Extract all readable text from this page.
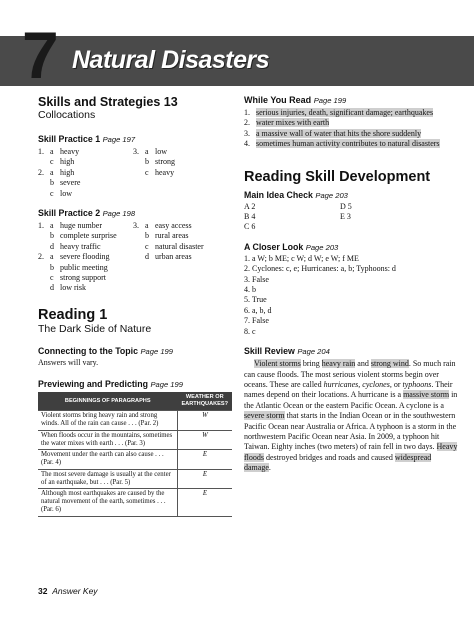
7 Natural Disasters

Skills and Strategies 13

Collocations

Skill Practice 1 Page 197

1. a heavy
c high
2. a high
b severe
c low
3. a low
b strong
c heavy

Skill Practice 2 Page 198

1. a huge number
b complete surprise
d heavy traffic
2. a severe flooding
b public meeting
c strong support
d low risk
3. a easy access
b rural areas
c natural disaster
d urban areas

Reading 1

The Dark Side of Nature

Connecting to the Topic Page 199

Answers will vary.

Previewing and Predicting Page 199

BEGINNINGS OF PARAGRAPHS	WEATHER OR EARTHQUAKES?
Violent storms bring heavy rain and strong winds. All of the rain can cause . . . (Par. 2)	W
When floods occur in the mountains, sometimes the water mixes with earth . . . (Par. 3)	W
Movement under the earth can also cause . . . (Par. 4)	E
The most severe damage is usually at the center of an earthquake, but . . . (Par. 5)	E
Although most earthquakes are caused by the natural movement of the earth, sometimes . . . (Par. 6)	E

While You Read Page 199

1. serious injuries, death, significant damage; earthquakes
2. water mixes with earth
3. a massive wall of water that hits the shore suddenly
4. sometimes human activity contributes to natural disasters

Reading Skill Development

Main Idea Check Page 203

A 2
B 4
C 6
D 5
E 3

A Closer Look Page 203

1. a W; b ME; c W; d W; e W; f ME
2. Cyclones: c, e; Hurricanes: a, b; Typhoons: d
3. False
4. b
5. True
6. a, b, d
7. False
8. c

Skill Review Page 204

Violent storms bring heavy rain and strong wind. So much rain can cause floods. The most serious violent storms begin over oceans. These are called hurricanes, cyclones, or typhoons. Their names depend on their locations. A hurricane is a massive storm in the Atlantic Ocean or the eastern Pacific Ocean. A cyclone is a severe storm that starts in the Indian Ocean or in the southwestern Pacific Ocean near Australia or Africa. A typhoon is a storm in the northwestern Pacific Ocean near Asia. In 2009, a typhoon hit Taiwan. Eighty inches (two meters) of rain fell in two days. Heavy floods destroyed bridges and roads and caused widespread damage.
32 Answer Key
